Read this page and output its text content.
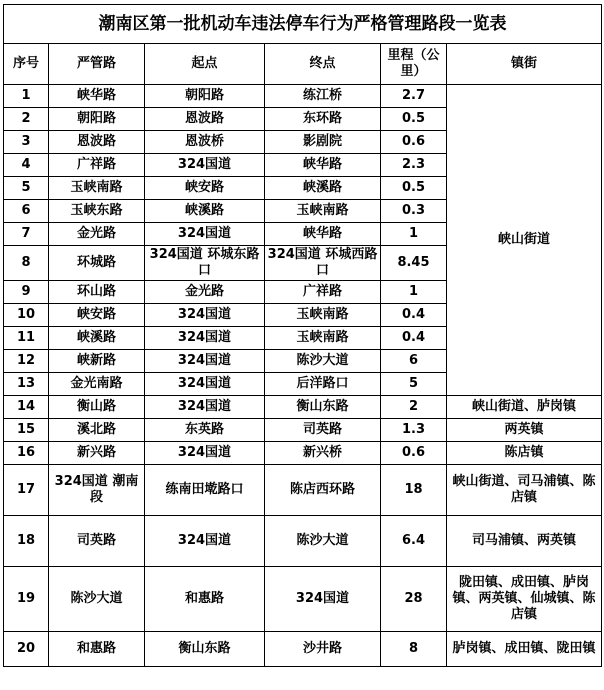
潮南区第一批机动车违法停车行为严格管理路段一览表					
序号	严管路	起点	终点	里程（公里）	镇街
1	峡华路	朝阳路	练江桥	2.7	峡山街道
2	朝阳路	恩波路	东环路	0.5	
3	恩波路	恩波桥	影剧院	0.6	
4	广祥路	324国道	峡华路	2.3	
5	玉峡南路	峡安路	峡溪路	0.5	
6	玉峡东路	峡溪路	玉峡南路	0.3	
7	金光路	324国道	峡华路	1	
8	环城路	324国道 环城东路口	324国道 环城西路口	8.45	
9	环山路	金光路	广祥路	1	
10	峡安路	324国道	玉峡南路	0.4	
11	峡溪路	324国道	玉峡南路	0.4	
12	峡新路	324国道	陈沙大道	6	
13	金光南路	324国道	后洋路口	5	
14	衡山路	324国道	衡山东路	2	峡山街道、胪岗镇
15	溪北路	东英路	司英路	1.3	两英镇
16	新兴路	324国道	新兴桥	0.6	陈店镇
17	324国道 潮南段	练南田墘路口	陈店西环路	18	峡山街道、司马浦镇、陈店镇
18	司英路	324国道	陈沙大道	6.4	司马浦镇、两英镇
19	陈沙大道	和惠路	324国道	28	陇田镇、成田镇、胪岗镇、两英镇、仙城镇、陈店镇
20	和惠路	衡山东路	沙井路	8	胪岗镇、成田镇、陇田镇
